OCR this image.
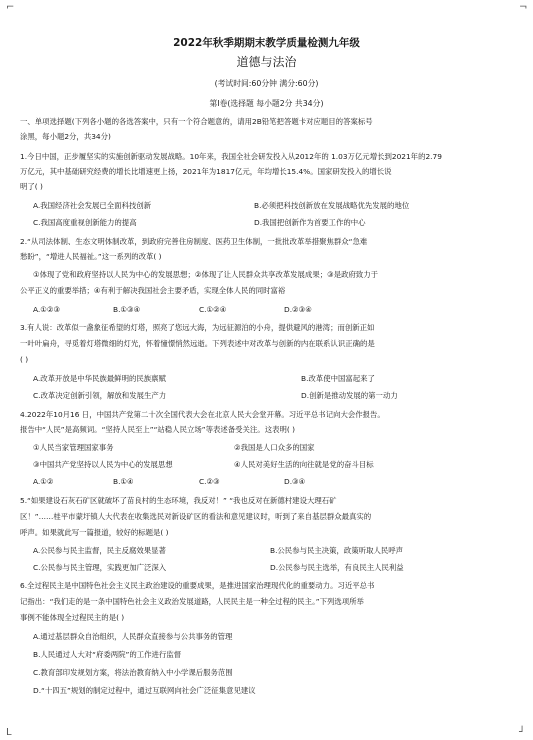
⌐	¬
L	┘
2022年秋季期期末教学质量检测九年级
道德与法治
(考试时间:60分钟 满分:60分)
第Ⅰ卷(选择题 每小题2分 共34分)
一、单项选择题(下列各小题的各选答案中，只有一个符合题意的，请用2B铅笔把答题卡对应题目的答案标号
涂黑，每小题2分，共34分)
1.今日中国，正步履坚实的实施创新驱动发展战略。10年来，我国全社会研发投入从2012年的 1.03万亿元增长到2021年的2.79
万亿元，其中基础研究经费的增长比增速更上扬，2021年为1817亿元，年均增长15.4%。国家研发投入的增长说
明了( )
A.我国经济社会发展已全面科技创新	B.必须把科技创新放在发展战略优先发展的地位
C.我国高度重视创新能力的提高	D.我国把创新作为首要工作的中心
2.“从司法体制、生态文明体制改革，到政府完善住房制度、医药卫生体制，一批批改革举措聚焦群众“急难
愁盼”，“增进人民福祉。”这一系列的改革( )
①体现了党和政府坚持以人民为中心的发展思想；②体现了让人民群众共享改革发展成果；③是政府致力于
公平正义的重要举措；④有利于解决我国社会主要矛盾，实现全体人民的同时富裕
A.①②③	B.①③④	C.①②④	D.②③④
3.有人说：改革似一盏象征希望的灯塔，照亮了您远大海，为远征源泊的小舟，提供避风的港湾；而创新正如
一叶叶扁舟，寻觅着灯塔微细的灯光，怀着憧憬悄然远逝。下列表述中对改革与创新的内在联系认识正确的是
( )
A.改革开放是中华民族最鲜明的民族禀赋	B.改革使中国富起来了
C.改革决定创新引领，解放和发展生产力	D.创新是推动发展的第一动力
4.2022年10月16 日，中国共产党第二十次全国代表大会在北京人民大会堂开幕。习近平总书记向大会作报告。
报告中“人民”是高频词。“坚持人民至上”“站稳人民立场”等表述备受关注。这表明( )
①人民当家管理国家事务	②我国是人口众多的国家
③中国共产党坚持以人民为中心的发展思想	④人民对美好生活的向往就是党的奋斗目标
A.①②	B.①④	C.②③	D.③④
5.“如果建设石灰石矿区就破坏了苗良村的生态环境，我反对！” “我也反对在新德村建设大理石矿
区！”……桂平市蒙圩镇人大代表在收集选民对新设矿区的看法和意见建议时，听到了来自基层群众最真实的
呼声。如果就此写一篇报道，较好的标题是( )
A.公民参与民主监督，民主反腐效果显著	B.公民参与民主决策，政策听取人民呼声
C.公民参与民主管理，实践更加广泛深入	D.公民参与民主选举，有良民主人民利益
6.全过程民主是中国特色社会主义民主政治建设的重要成果，是推进国家治理现代化的重要动力。习近平总书
记指出：“我们走的是一条中国特色社会主义政治发展道路，人民民主是一种全过程的民主。”下列选项所举
事例不能体现全过程民主的是( )
A.通过基层群众自治组织，人民群众直接参与公共事务的管理
B.人民通过人大对“府委两院”的工作进行监督
C.教育部印发规划方案，将法治教育纳入中小学课后服务范围
D.“十四五”规划的制定过程中，通过互联网向社会广泛征集意见建议
